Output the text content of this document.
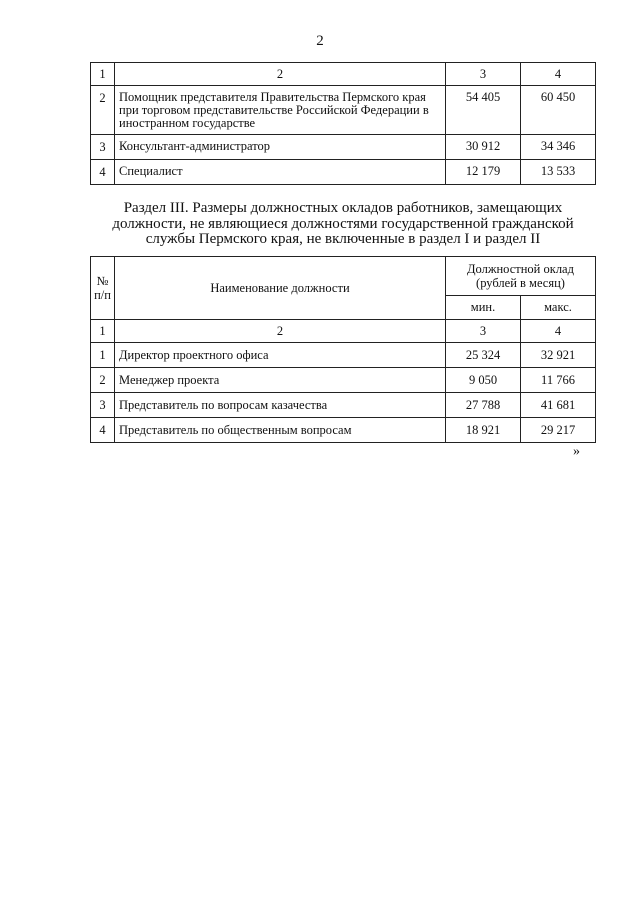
2
1	2	3	4
2	Помощник представителя Правительства Пермского края при торговом представительстве Российской Федерации в иностранном государстве	54 405	60 450
3	Консультант-администратор	30 912	34 346
4	Специалист	12 179	13 533
Раздел III. Размеры должностных окладов работников, замещающих должности, не являющиеся должностями государственной гражданской службы Пермского края, не включенные в раздел I и раздел II
№ п/п	Наименование должности	Должностной оклад (рублей в месяц)	
		мин.	макс.
1	2	3	4
1	Директор проектного офиса	25 324	32 921
2	Менеджер проекта	9 050	11 766
3	Представитель по вопросам казачества	27 788	41 681
4	Представитель по общественным вопросам	18 921	29 217
»
